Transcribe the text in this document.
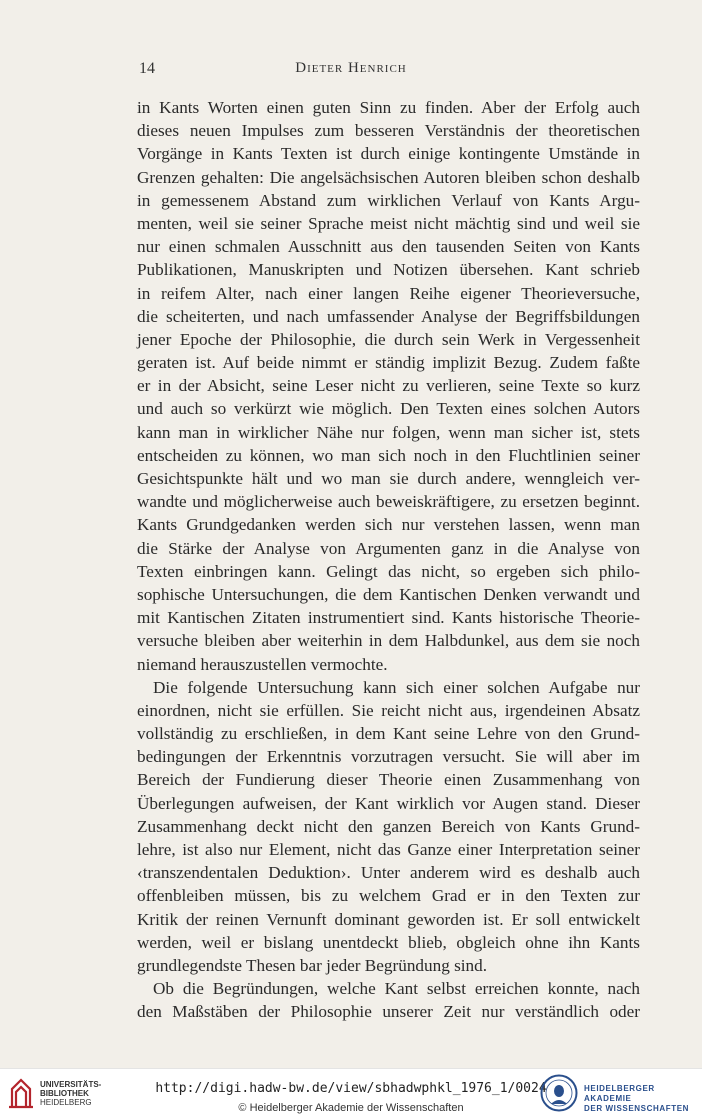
14	Dieter Henrich
in Kants Worten einen guten Sinn zu finden. Aber der Erfolg auch
dieses neuen Impulses zum besseren Verständnis der theoretischen
Vorgänge in Kants Texten ist durch einige kontingente Umstände in
Grenzen gehalten: Die angelsächsischen Autoren bleiben schon deshalb
in gemessenem Abstand zum wirklichen Verlauf von Kants Argu-
menten, weil sie seiner Sprache meist nicht mächtig sind und weil sie
nur einen schmalen Ausschnitt aus den tausenden Seiten von Kants
Publikationen, Manuskripten und Notizen übersehen. Kant schrieb
in reifem Alter, nach einer langen Reihe eigener Theorieversuche,
die scheiterten, und nach umfassender Analyse der Begriffsbildungen
jener Epoche der Philosophie, die durch sein Werk in Vergessenheit
geraten ist. Auf beide nimmt er ständig implizit Bezug. Zudem faßte
er in der Absicht, seine Leser nicht zu verlieren, seine Texte so kurz
und auch so verkürzt wie möglich. Den Texten eines solchen Autors
kann man in wirklicher Nähe nur folgen, wenn man sicher ist, stets
entscheiden zu können, wo man sich noch in den Fluchtlinien seiner
Gesichtspunkte hält und wo man sie durch andere, wenngleich ver-
wandte und möglicherweise auch beweiskräftigere, zu ersetzen beginnt.
Kants Grundgedanken werden sich nur verstehen lassen, wenn man
die Stärke der Analyse von Argumenten ganz in die Analyse von
Texten einbringen kann. Gelingt das nicht, so ergeben sich philo-
sophische Untersuchungen, die dem Kantischen Denken verwandt und
mit Kantischen Zitaten instrumentiert sind. Kants historische Theorie-
versuche bleiben aber weiterhin in dem Halbdunkel, aus dem sie noch
niemand herauszustellen vermochte.
Die folgende Untersuchung kann sich einer solchen Aufgabe nur
einordnen, nicht sie erfüllen. Sie reicht nicht aus, irgendeinen Absatz
vollständig zu erschließen, in dem Kant seine Lehre von den Grund-
bedingungen der Erkenntnis vorzutragen versucht. Sie will aber im
Bereich der Fundierung dieser Theorie einen Zusammenhang von
Überlegungen aufweisen, der Kant wirklich vor Augen stand. Dieser
Zusammenhang deckt nicht den ganzen Bereich von Kants Grund-
lehre, ist also nur Element, nicht das Ganze einer Interpretation seiner
‹transzendentalen Deduktion›. Unter anderem wird es deshalb auch
offenbleiben müssen, bis zu welchem Grad er in den Texten zur
Kritik der reinen Vernunft dominant geworden ist. Er soll entwickelt
werden, weil er bislang unentdeckt blieb, obgleich ohne ihn Kants
grundlegendste Thesen bar jeder Begründung sind.
Ob die Begründungen, welche Kant selbst erreichen konnte, nach
den Maßstäben der Philosophie unserer Zeit nur verständlich oder
UNIVERSITÄTS-
BIBLIOTHEK
HEIDELBERG
http://digi.hadw-bw.de/view/sbhadwphkl_1976_1/0024
© Heidelberger Akademie der Wissenschaften
HEIDELBERGER AKADEMIE
DER WISSENSCHAFTEN
